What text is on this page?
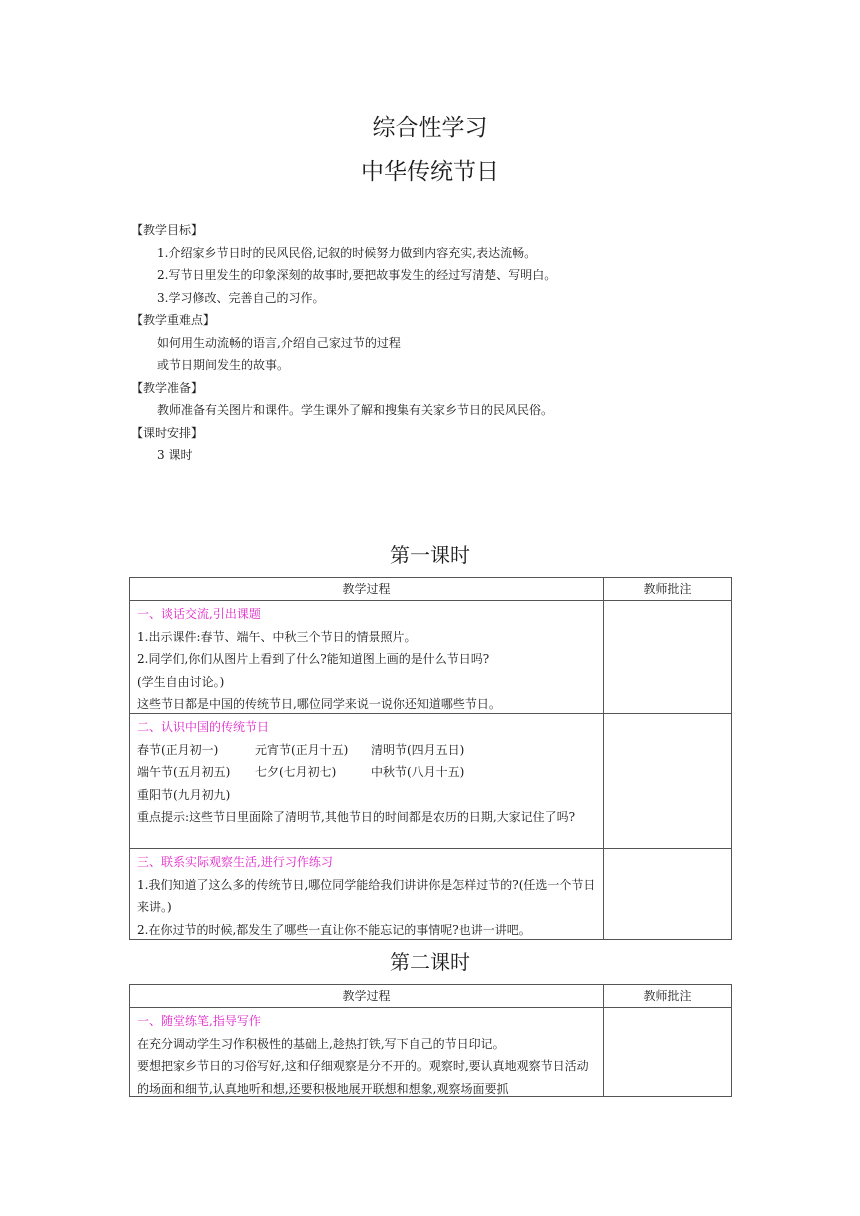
综合性学习
中华传统节日
【教学目标】
1.介绍家乡节日时的民风民俗,记叙的时候努力做到内容充实,表达流畅。
2.写节日里发生的印象深刻的故事时,要把故事发生的经过写清楚、写明白。
3.学习修改、完善自己的习作。
【教学重难点】
如何用生动流畅的语言,介绍自己家过节的过程
或节日期间发生的故事。
【教学准备】
教师准备有关图片和课件。学生课外了解和搜集有关家乡节日的民风民俗。
【课时安排】
3 课时
第一课时
教学过程	教师批注

一、谈话交流,引出课题
1.出示课件:春节、端午、中秋三个节日的情景照片。
2.同学们,你们从图片上看到了什么?能知道图上画的是什么节日吗?
(学生自由讨论。)
这些节日都是中国的传统节日,哪位同学来说一说你还知道哪些节日。	

二、认识中国的传统节日
春节(正月初一) 元宵节(正月十五) 清明节(四月五日)
端午节(五月初五) 七夕(七月初七) 中秋节(八月十五)
重阳节(九月初九)
重点提示:这些节日里面除了清明节,其他节日的时间都是农历的日期,大家记住了吗?	

三、联系实际观察生活,进行习作练习
1.我们知道了这么多的传统节日,哪位同学能给我们讲讲你是怎样过节的?(任选一个节日来讲。)
2.在你过节的时候,都发生了哪些一直让你不能忘记的事情呢?也讲一讲吧。	

第二课时
教学过程	教师批注

一、随堂练笔,指导写作
在充分调动学生习作积极性的基础上,趁热打铁,写下自己的节日印记。
要想把家乡节日的习俗写好,这和仔细观察是分不开的。观察时,要认真地观察节日活动的场面和细节,认真地听和想,还要积极地展开联想和想象,观察场面要抓	
